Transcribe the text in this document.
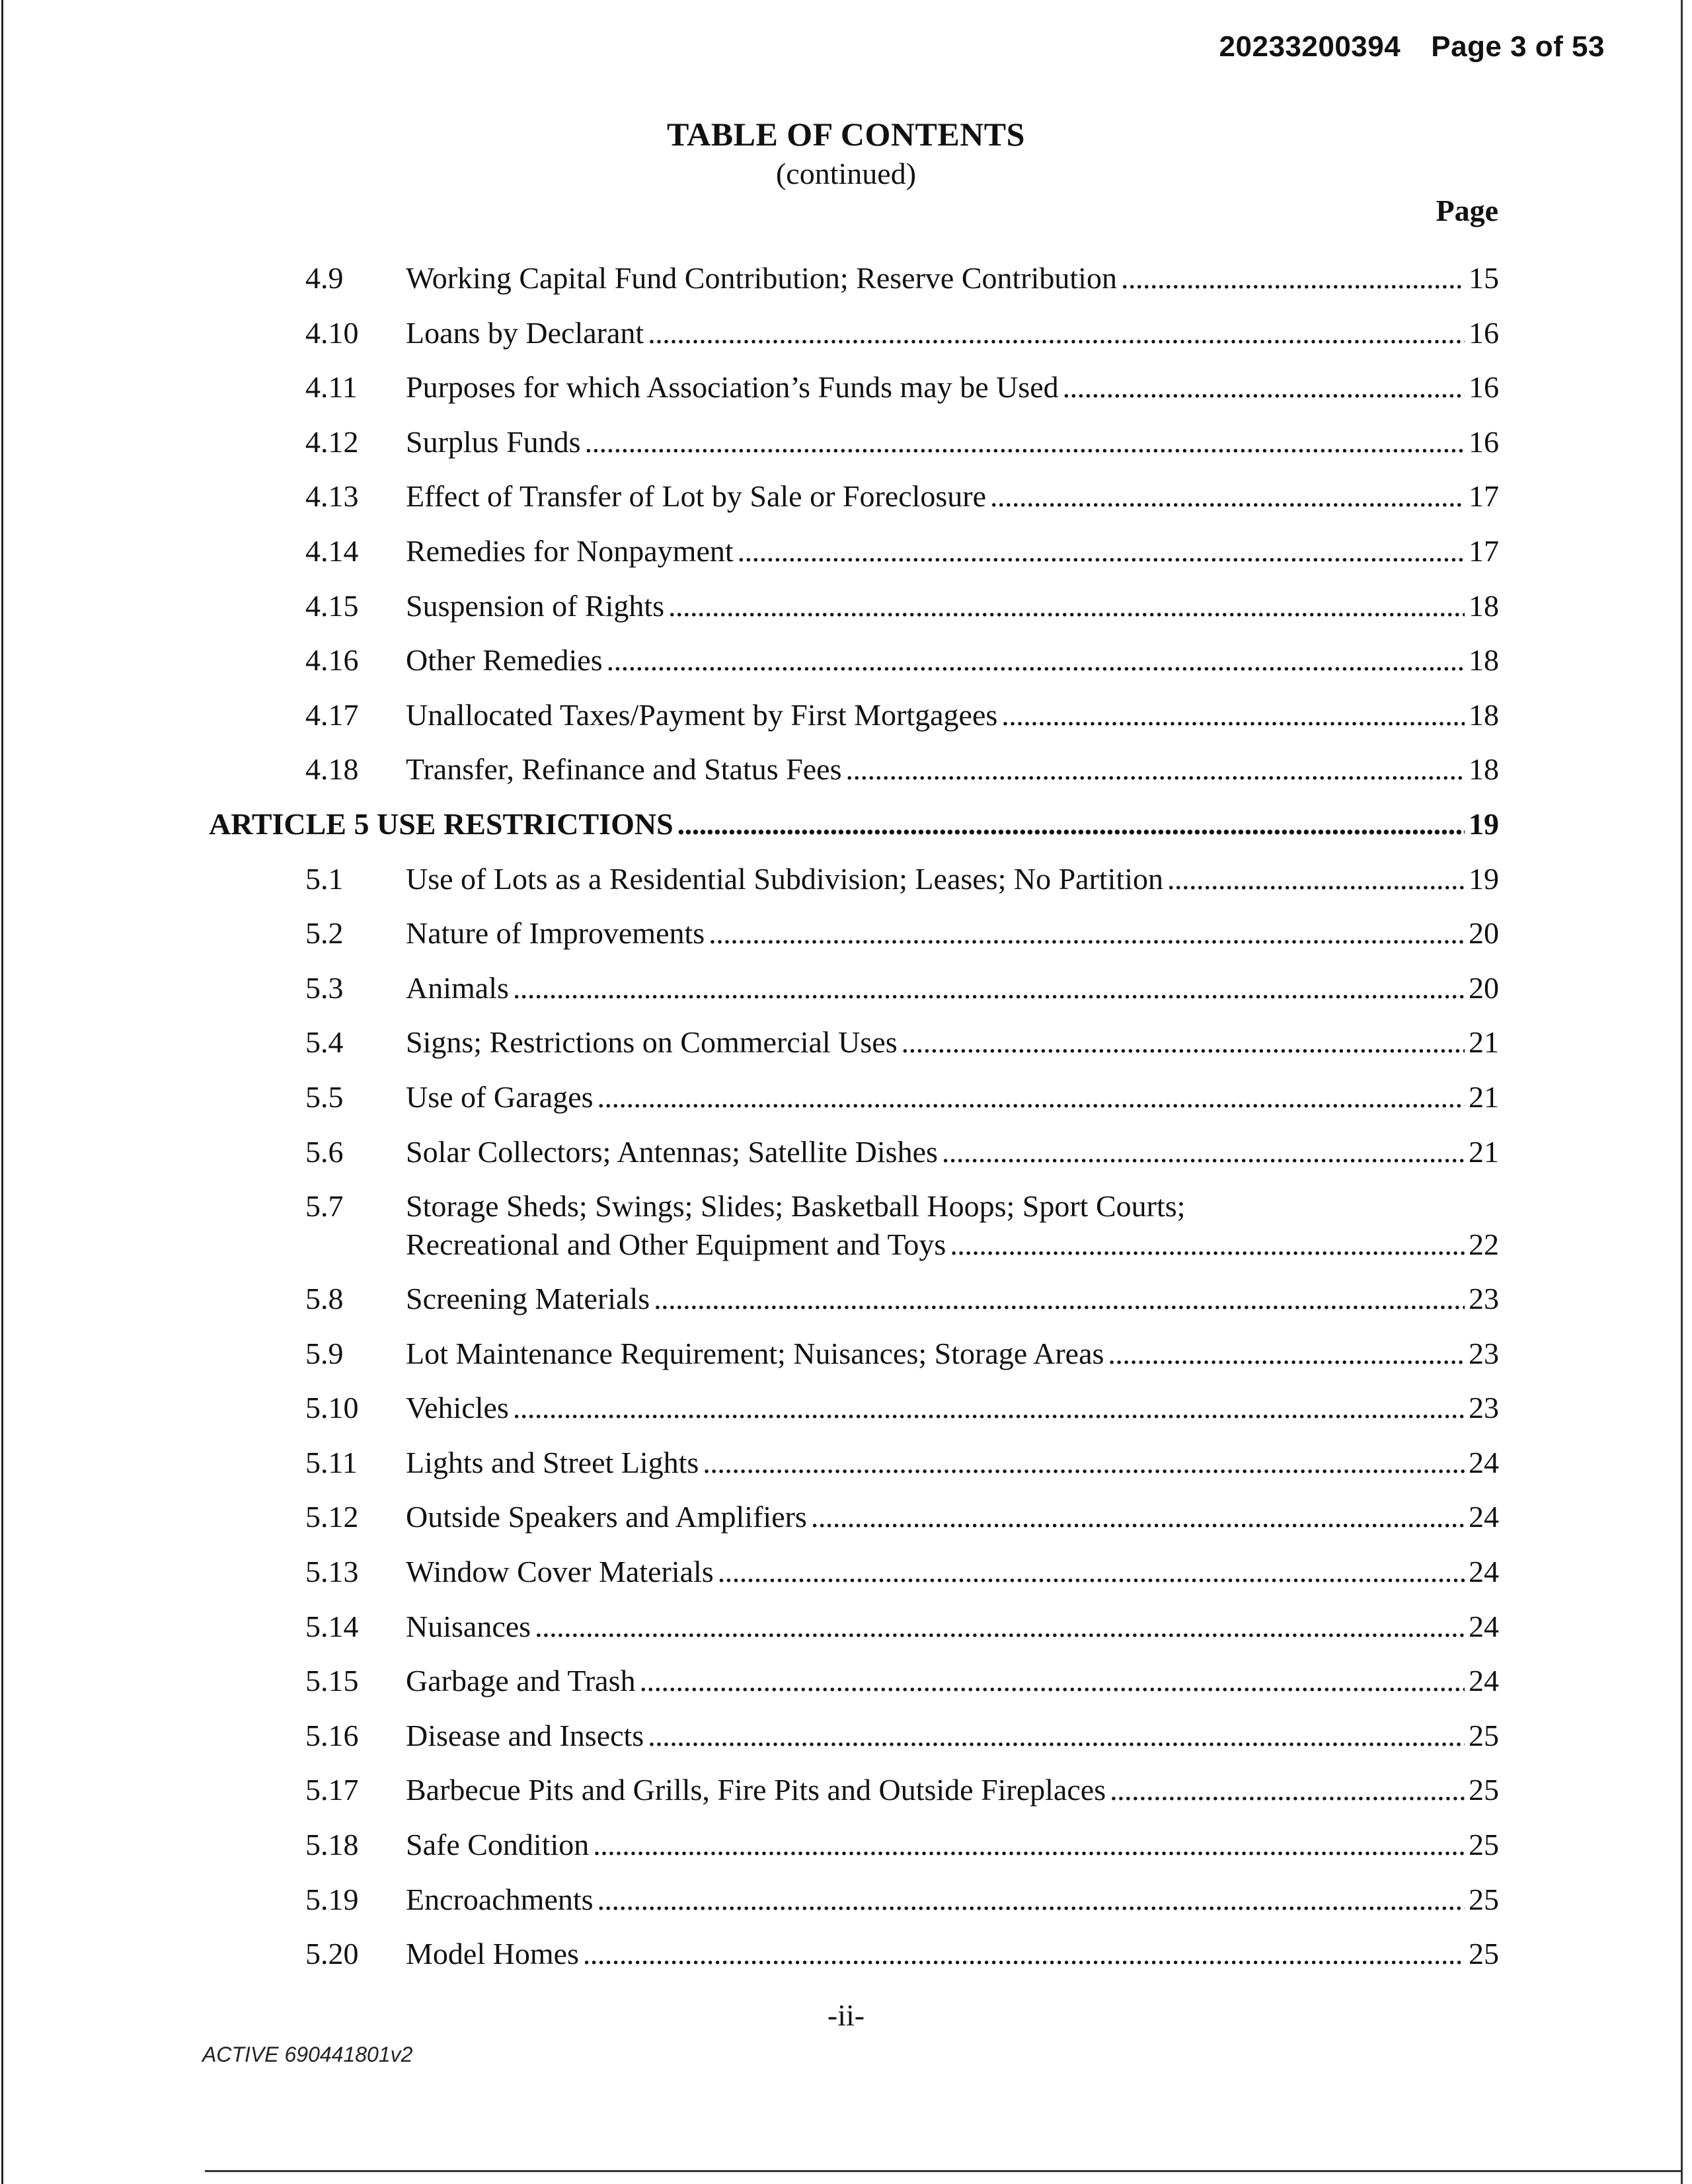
20233200394 Page 3 of 53
TABLE OF CONTENTS
(continued)
Page
4.9 Working Capital Fund Contribution; Reserve Contribution . . .	15
4.10 Loans by Declarant . . .	16
4.11 Purposes for which Association’s Funds may be Used . . .	16
4.12 Surplus Funds . . .	16
4.13 Effect of Transfer of Lot by Sale or Foreclosure . . .	17
4.14 Remedies for Nonpayment . . .	17
4.15 Suspension of Rights . . .	18
4.16 Other Remedies . . .	18
4.17 Unallocated Taxes/Payment by First Mortgagees . . .	18
4.18 Transfer, Refinance and Status Fees . . .	18
ARTICLE 5 USE RESTRICTIONS . . .	19
5.1 Use of Lots as a Residential Subdivision; Leases; No Partition . . .	19
5.2 Nature of Improvements . . .	20
5.3 Animals . . .	20
5.4 Signs; Restrictions on Commercial Uses . . .	21
5.5 Use of Garages . . .	21
5.6 Solar Collectors; Antennas; Satellite Dishes . . .	21
5.7 Storage Sheds; Swings; Slides; Basketball Hoops; Sport Courts;
Recreational and Other Equipment and Toys . . .	22
5.8 Screening Materials . . .	23
5.9 Lot Maintenance Requirement; Nuisances; Storage Areas . . .	23
5.10 Vehicles . . .	23
5.11 Lights and Street Lights . . .	24
5.12 Outside Speakers and Amplifiers . . .	24
5.13 Window Cover Materials . . .	24
5.14 Nuisances . . .	24
5.15 Garbage and Trash . . .	24
5.16 Disease and Insects . . .	25
5.17 Barbecue Pits and Grills, Fire Pits and Outside Fireplaces . . .	25
5.18 Safe Condition . . .	25
5.19 Encroachments . . .	25
5.20 Model Homes . . .	25
-ii-
ACTIVE 690441801v2
